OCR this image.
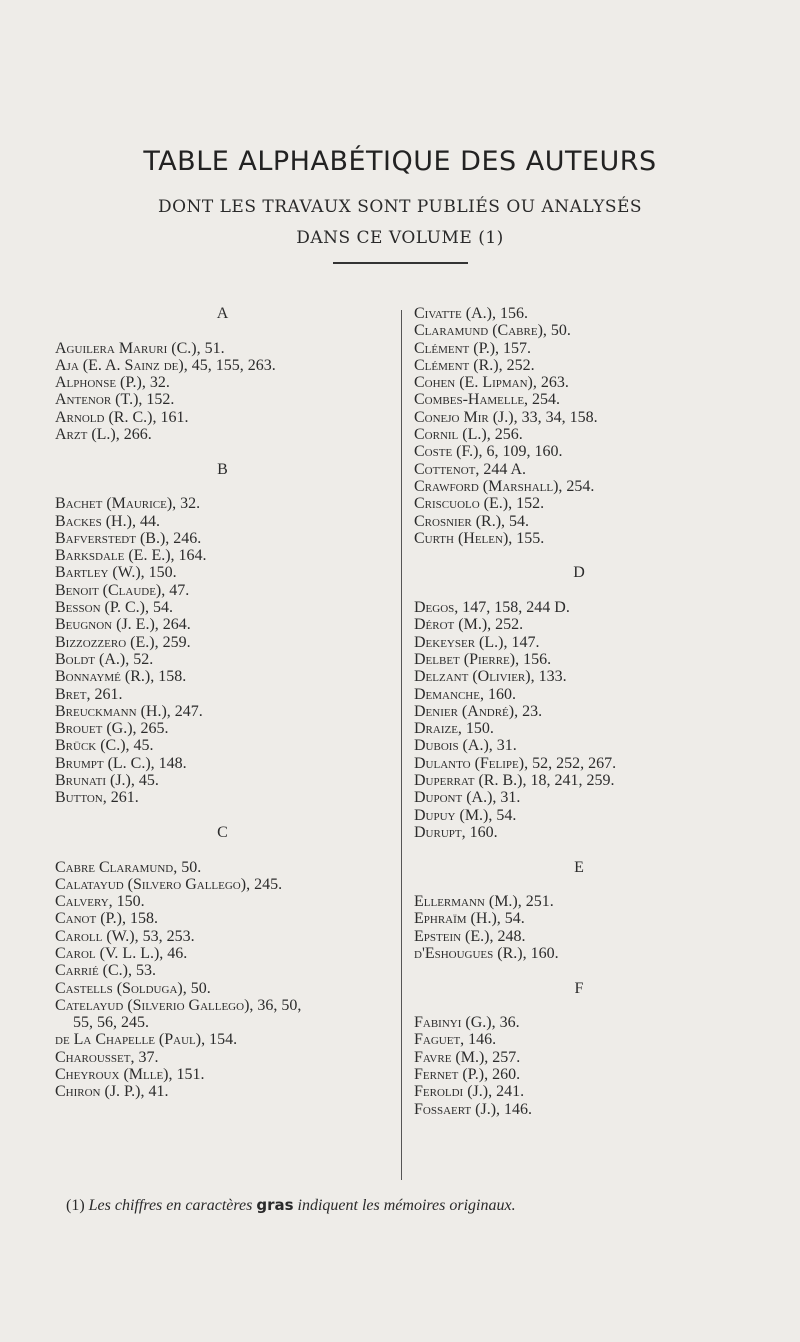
TABLE ALPHABÉTIQUE DES AUTEURS
DONT LES TRAVAUX SONT PUBLIÉS OU ANALYSÉS
DANS CE VOLUME (1)
A
Aguilera Maruri (C.), 51.
Aja (E. A. Sainz de), 45, 155, 263.
Alphonse (P.), 32.
Antenor (T.), 152.
Arnold (R. C.), 161.
Arzt (L.), 266.
B
Bachet (Maurice), 32.
Backes (H.), 44.
Bafverstedt (B.), 246.
Barksdale (E. E.), 164.
Bartley (W.), 150.
Benoit (Claude), 47.
Besson (P. C.), 54.
Beugnon (J. E.), 264.
Bizzozzero (E.), 259.
Boldt (A.), 52.
Bonnaymé (R.), 158.
Bret, 261.
Breuckmann (H.), 247.
Brouet (G.), 265.
Brück (C.), 45.
Brumpt (L. C.), 148.
Brunati (J.), 45.
Button, 261.
C
Cabre Claramund, 50.
Calatayud (Silvero Gallego), 245.
Calvery, 150.
Canot (P.), 158.
Caroll (W.), 53, 253.
Carol (V. L. L.), 46.
Carrié (C.), 53.
Castells (Solduga), 50.
Catelayud (Silverio Gallego), 36, 50,
55, 56, 245.
de La Chapelle (Paul), 154.
Charousset, 37.
Cheyroux (Mlle), 151.
Chiron (J. P.), 41.
Civatte (A.), 156.
Claramund (Cabre), 50.
Clément (P.), 157.
Clément (R.), 252.
Cohen (E. Lipman), 263.
Combes-Hamelle, 254.
Conejo Mir (J.), 33, 34, 158.
Cornil (L.), 256.
Coste (F.), 6, 109, 160.
Cottenot, 244 A.
Crawford (Marshall), 254.
Criscuolo (E.), 152.
Crosnier (R.), 54.
Curth (Helen), 155.
D
Degos, 147, 158, 244 D.
Dérot (M.), 252.
Dekeyser (L.), 147.
Delbet (Pierre), 156.
Delzant (Olivier), 133.
Demanche, 160.
Denier (André), 23.
Draize, 150.
Dubois (A.), 31.
Dulanto (Felipe), 52, 252, 267.
Duperrat (R. B.), 18, 241, 259.
Dupont (A.), 31.
Dupuy (M.), 54.
Durupt, 160.
E
Ellermann (M.), 251.
Ephraïm (H.), 54.
Epstein (E.), 248.
d'Eshougues (R.), 160.
F
Fabinyi (G.), 36.
Faguet, 146.
Favre (M.), 257.
Fernet (P.), 260.
Feroldi (J.), 241.
Fossaert (J.), 146.
(1) Les chiffres en caractères gras indiquent les mémoires originaux.
